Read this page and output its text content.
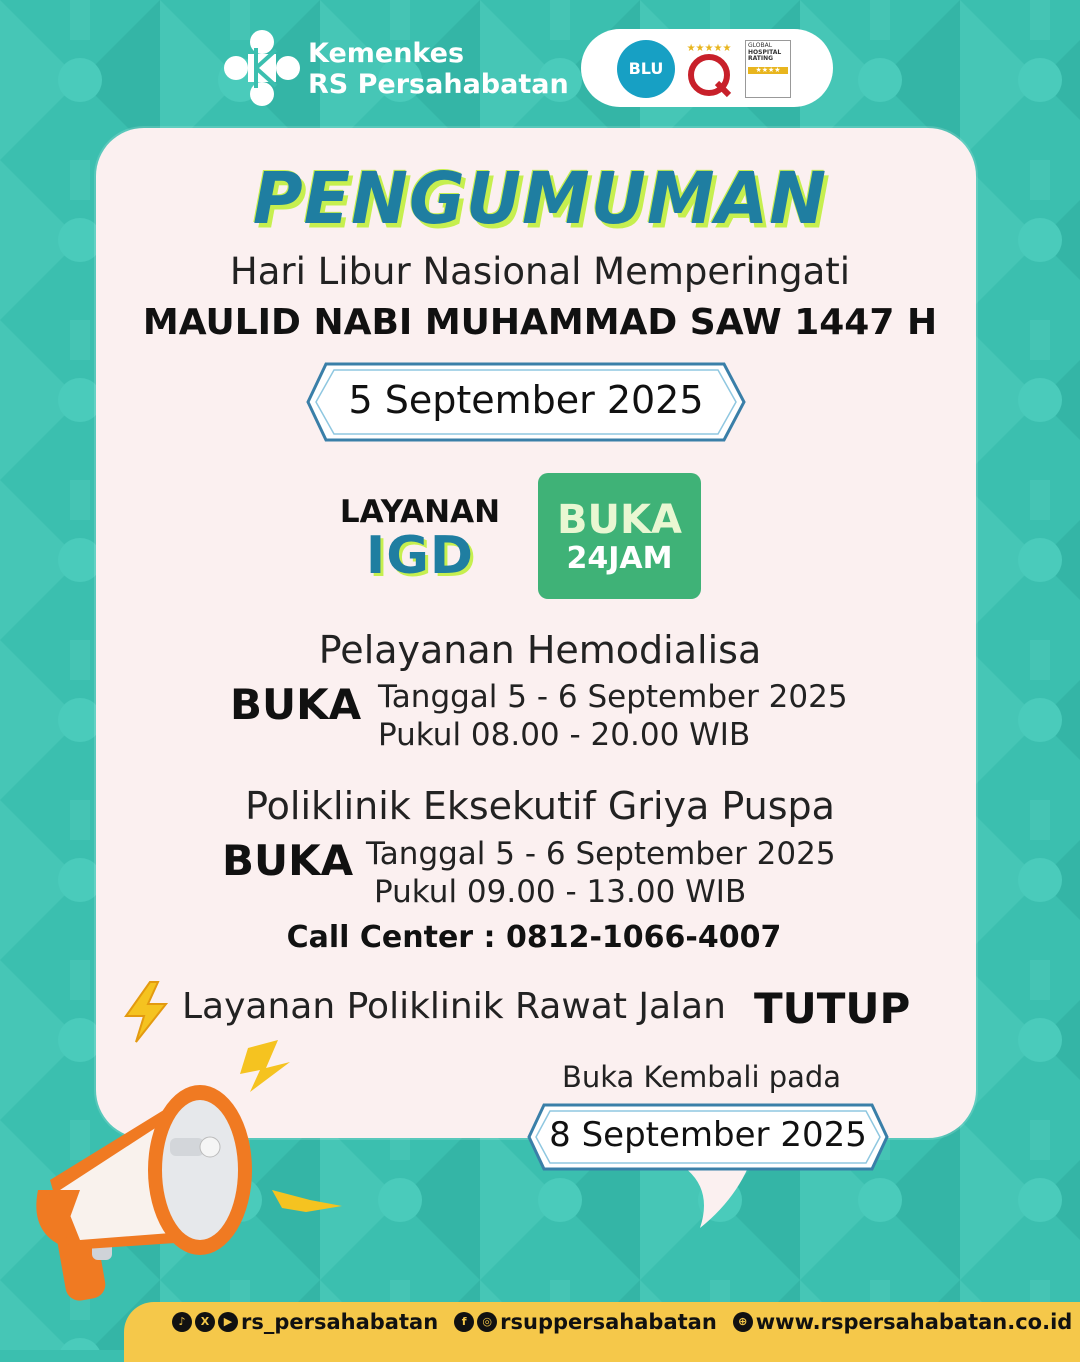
Kemenkes
RS Persahabatan
BLU
★★★★★	GLOBAL
HOSPITAL
RATING
★★★★
PENGUMUMAN
Hari Libur Nasional Memperingati
MAULID NABI MUHAMMAD SAW 1447 H
5 September 2025
LAYANAN
IGD
BUKA
24JAM
Pelayanan Hemodialisa
BUKA Tanggal 5 - 6 September 2025
Pukul 08.00 - 20.00 WIB
Poliklinik Eksekutif Griya Puspa
BUKA Tanggal 5 - 6 September 2025
Pukul 09.00 - 13.00 WIB
Call Center : 0812-1066-4007
Layanan Poliklinik Rawat Jalan TUTUP
Buka Kembali pada
8 September 2025
♪	X	▶ rs_persahabatan	f	◎ rsuppersahabatan	⊕ www.rspersahabatan.co.id
